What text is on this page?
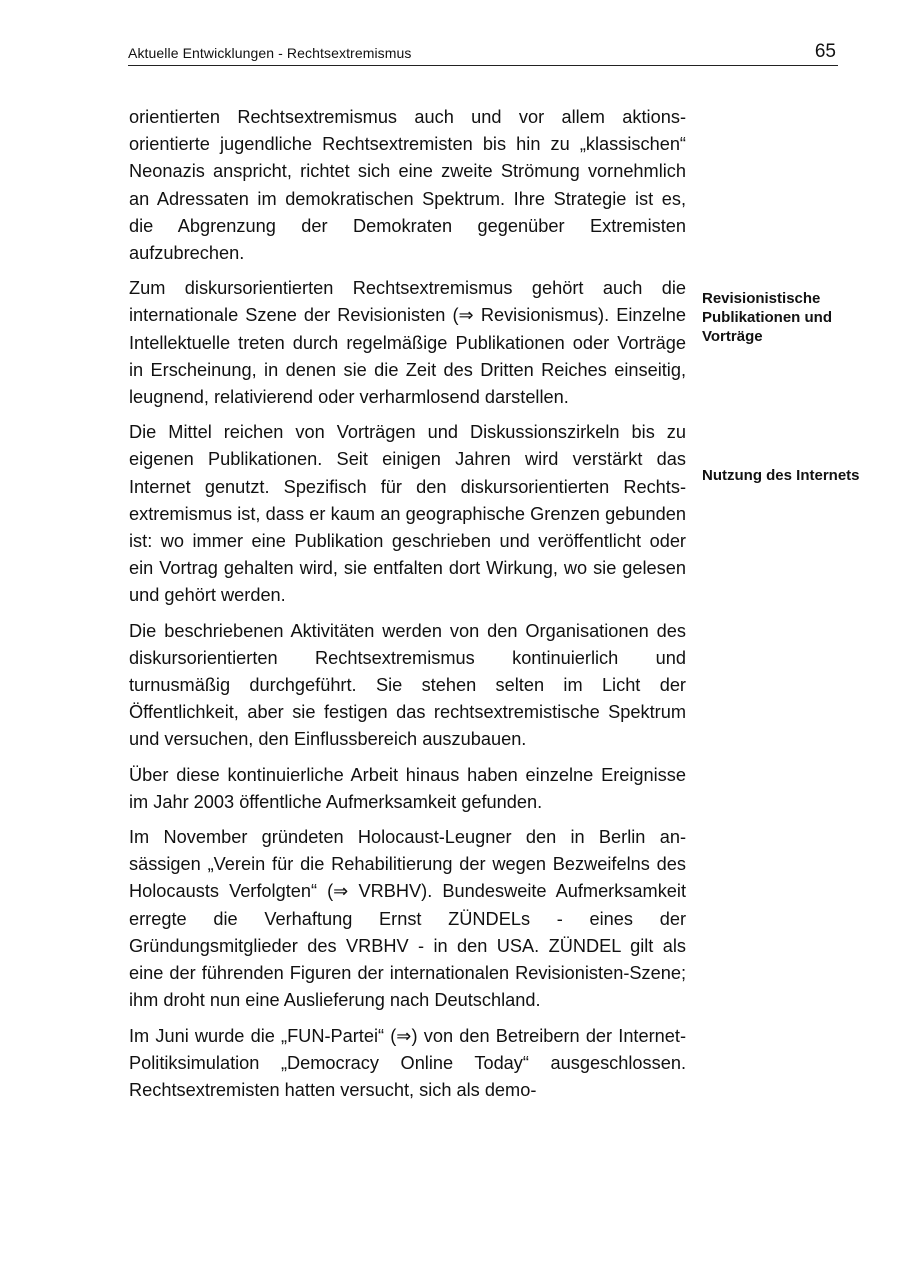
Aktuelle Entwicklungen - Rechtsextremismus	65

orientierten Rechtsextremismus auch und vor allem aktionsorientierte jugendliche Rechtsextremisten bis hin zu „klassischen“ Neonazis anspricht, richtet sich eine zweite Strömung vornehmlich an Adressaten im demokratischen Spektrum. Ihre Strategie ist es, die Abgrenzung der Demokraten gegenüber Extremisten aufzubrechen.

Zum diskursorientierten Rechtsextremismus gehört auch die internationale Szene der Revisionisten (⇒ Revisionismus). Einzelne Intellektuelle treten durch regelmäßige Publikationen oder Vorträge in Erscheinung, in denen sie die Zeit des Dritten Reiches einseitig, leugnend, relativierend oder verharmlosend darstellen.

Die Mittel reichen von Vorträgen und Diskussionszirkeln bis zu eigenen Publikationen. Seit einigen Jahren wird verstärkt das Internet genutzt. Spezifisch für den diskursorientierten Rechtsextremismus ist, dass er kaum an geographische Grenzen gebunden ist: wo immer eine Publikation geschrieben und veröffentlicht oder ein Vortrag gehalten wird, sie entfalten dort Wirkung, wo sie gelesen und gehört werden.

Die beschriebenen Aktivitäten werden von den Organisationen des diskursorientierten Rechtsextremismus kontinuierlich und turnusmäßig durchgeführt. Sie stehen selten im Licht der Öffentlichkeit, aber sie festigen das rechtsextremistische Spektrum und versuchen, den Einflussbereich auszubauen.

Über diese kontinuierliche Arbeit hinaus haben einzelne Ereignisse im Jahr 2003 öffentliche Aufmerksamkeit gefunden.

Im November gründeten Holocaust-Leugner den in Berlin ansässigen „Verein für die Rehabilitierung der wegen Bezweifelns des Holocausts Verfolgten“ (⇒ VRBHV). Bundesweite Aufmerksamkeit erregte die Verhaftung Ernst ZÜNDELs - eines der Gründungsmitglieder des VRBHV - in den USA. ZÜNDEL gilt als eine der führenden Figuren der internationalen Revisionisten-Szene; ihm droht nun eine Auslieferung nach Deutschland.

Im Juni wurde die „FUN-Partei“ (⇒) von den Betreibern der Internet-Politiksimulation „Democracy Online Today“ ausgeschlossen. Rechtsextremisten hatten versucht, sich als demo-

Revisionistische Publikationen und Vorträge
Nutzung des Internets
